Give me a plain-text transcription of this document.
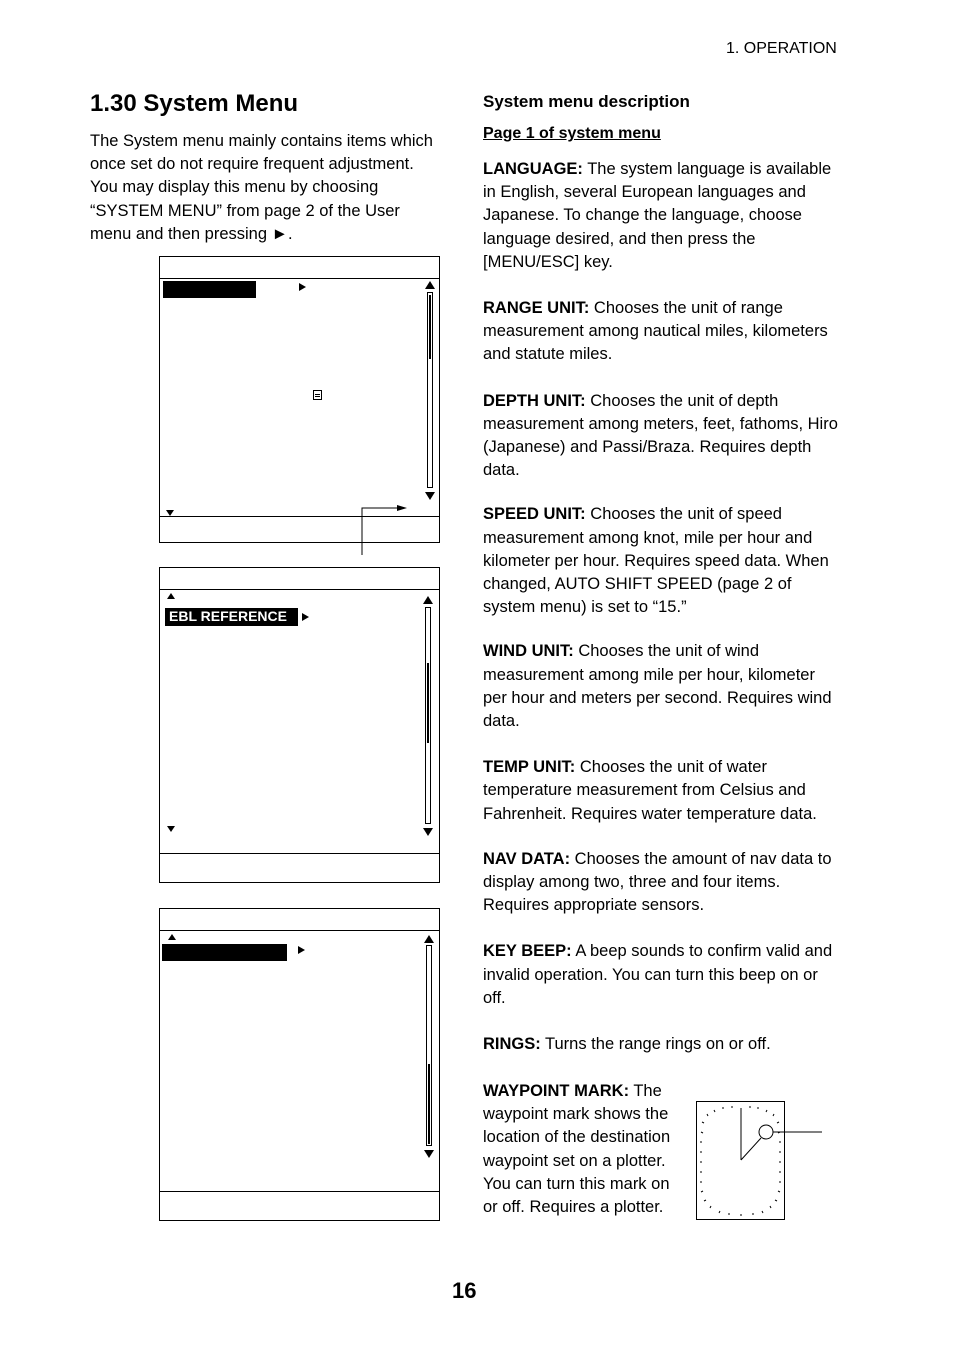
1. OPERATION
1.30 System Menu
The System menu mainly contains items which once set do not require frequent adjustment. You may display this menu by choosing “SYSTEM MENU” from page 2 of the User menu and then pressing ►.
EBL REFERENCE
System menu description
Page 1 of system menu

LANGUAGE: The system language is available in English, several European languages and Japanese. To change the language, choose language desired, and then press the [MENU/ESC] key.

RANGE UNIT: Chooses the unit of range measurement among nautical miles, kilometers and statute miles.

DEPTH UNIT: Chooses the unit of depth measurement among meters, feet, fathoms, Hiro (Japanese) and Passi/Braza. Requires depth data.

SPEED UNIT: Chooses the unit of speed measurement among knot, mile per hour and kilometer per hour. Requires speed data. When changed, AUTO SHIFT SPEED (page 2 of system menu) is set to “15.”

WIND UNIT: Chooses the unit of wind measurement among mile per hour, kilometer per hour and meters per second. Requires wind data.

TEMP UNIT: Chooses the unit of water temperature measurement from Celsius and Fahrenheit. Requires water temperature data.

NAV DATA: Chooses the amount of nav data to display among two, three and four items. Requires appropriate sensors.

KEY BEEP: A beep sounds to confirm valid and invalid operation. You can turn this beep on or off.

RINGS: Turns the range rings on or off.

WAYPOINT MARK: The waypoint mark shows the location of the destination waypoint set on a plotter. You can turn this mark on or off. Requires a plotter.
16
